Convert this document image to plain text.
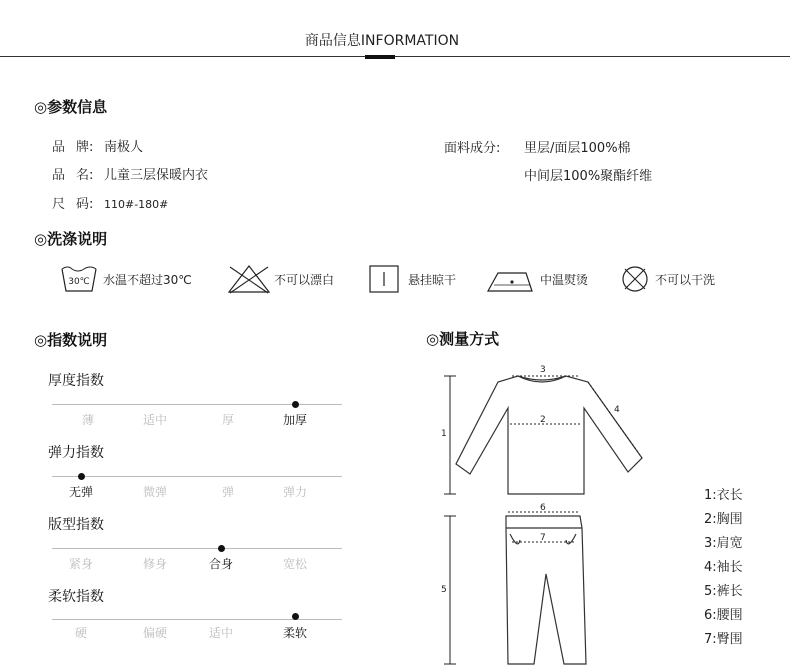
商品信息INFORMATION
◎参数信息
品 牌: 南极人
品 名: 儿童三层保暖内衣
尺 码: 110#-180#
面料成分: 里层/面层100%棉
中间层100%聚酯纤维
◎洗涤说明
30℃ 水温不超过30℃	不可以漂白	悬挂晾干	中温熨烫	不可以干洗
◎指数说明
厚度指数
薄	适中	厚	加厚
弹力指数
无弹	微弹	弹	弹力
版型指数
紧身	修身	合身	宽松
柔软指数
硬	偏硬	适中	柔软
◎测量方式
1
2
3
4
5
6
7
1:衣长
2:胸围
3:肩宽
4:袖长
5:裤长
6:腰围
7:臀围
